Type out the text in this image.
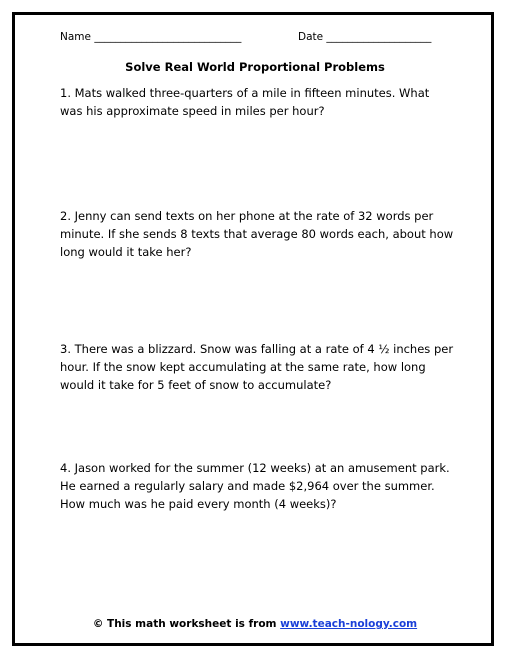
Name ____________________________	Date ____________________
Solve Real World Proportional Problems
1. Mats walked three-quarters of a mile in fifteen minutes. What was his approximate speed in miles per hour?
2. Jenny can send texts on her phone at the rate of 32 words per minute. If she sends 8 texts that average 80 words each, about how long would it take her?
3. There was a blizzard. Snow was falling at a rate of 4 ½ inches per hour. If the snow kept accumulating at the same rate, how long would it take for 5 feet of snow to accumulate?
4. Jason worked for the summer (12 weeks) at an amusement park. He earned a regularly salary and made $2,964 over the summer. How much was he paid every month (4 weeks)?
© This math worksheet is from www.teach-nology.com
